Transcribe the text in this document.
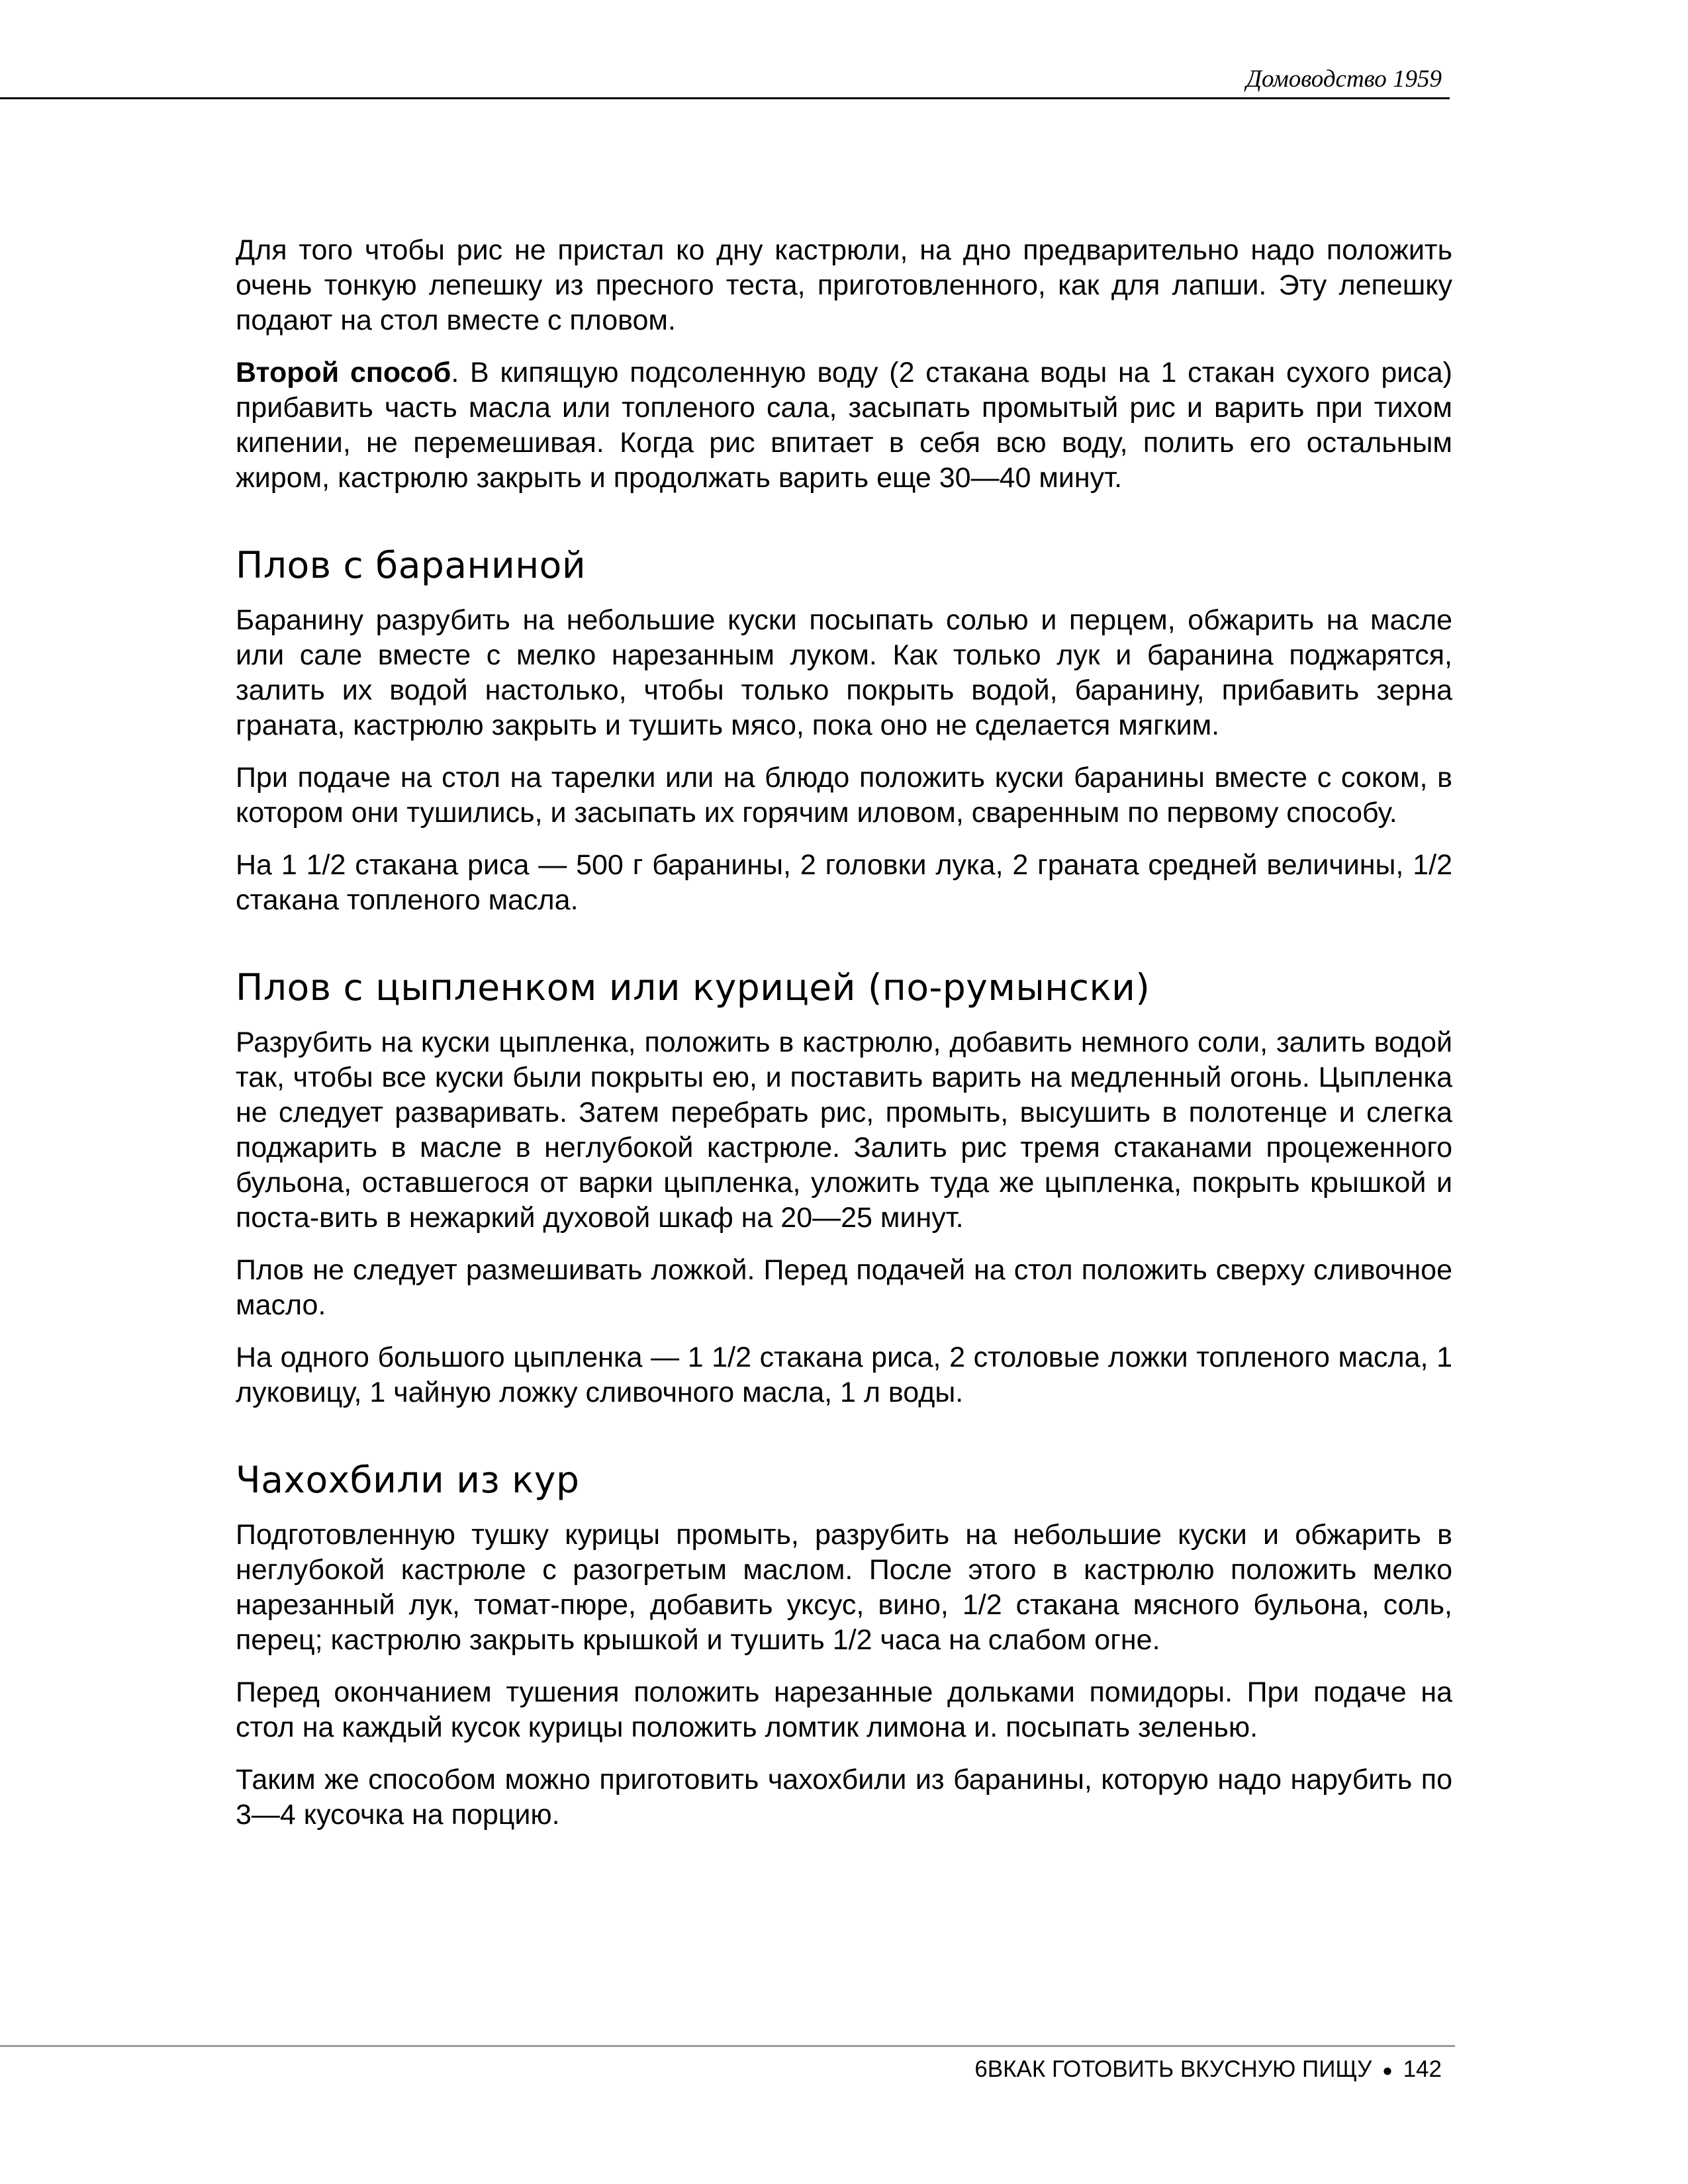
Домоводство 1959

Для того чтобы рис не пристал ко дну кастрюли, на дно предварительно надо положить очень тонкую лепешку из пресного теста, приготовленного, как для лапши. Эту лепешку подают на стол вместе с пловом.

Второй способ. В кипящую подсоленную воду (2 стакана воды на 1 стакан сухого риса) прибавить часть масла или топленого сала, засыпать промытый рис и варить при тихом кипении, не перемешивая. Когда рис впитает в себя всю воду, полить его остальным жиром, кастрюлю закрыть и продолжать варить еще 30—40 минут.

Плов с бараниной

Баранину разрубить на небольшие куски посыпать солью и перцем, обжарить на масле или сале вместе с мелко нарезанным луком. Как только лук и баранина поджарятся, залить их водой настолько, чтобы только покрыть водой, баранину, прибавить зерна граната, кастрюлю закрыть и тушить мясо, пока оно не сделается мягким.

При подаче на стол на тарелки или на блюдо положить куски баранины вместе с соком, в котором они тушились, и засыпать их горячим иловом, сваренным по первому способу.

На 1 1/2 стакана риса — 500 г баранины, 2 головки лука, 2 граната средней величины, 1/2 стакана топленого масла.

Плов с цыпленком или курицей (по-румынски)

Разрубить на куски цыпленка, положить в кастрюлю, добавить немного соли, залить водой так, чтобы все куски были покрыты ею, и поставить варить на медленный огонь. Цыпленка не следует разваривать. Затем перебрать рис, промыть, высушить в полотенце и слегка поджарить в масле в неглубокой кастрюле. Залить рис тремя стаканами процеженного бульона, оставшегося от варки цыпленка, уложить туда же цыпленка, покрыть крышкой и поста-вить в нежаркий духовой шкаф на 20—25 минут.

Плов не следует размешивать ложкой. Перед подачей на стол положить сверху сливочное масло.

На одного большого цыпленка — 1 1/2 стакана риса, 2 столовые ложки топленого масла, 1 луковицу, 1 чайную ложку сливочного масла, 1 л воды.

Чахохбили из кур

Подготовленную тушку курицы промыть, разрубить на небольшие куски и обжарить в неглубокой кастрюле с разогретым маслом. После этого в кастрюлю положить мелко нарезанный лук, томат-пюре, добавить уксус, вино, 1/2 стакана мясного бульона, соль, перец; кастрюлю закрыть крышкой и тушить 1/2 часа на слабом огне.

Перед окончанием тушения положить нарезанные дольками помидоры. При подаче на стол на каждый кусок курицы положить ломтик лимона и. посыпать зеленью.

Таким же способом можно приготовить чахохбили из баранины, которую надо нарубить по 3—4 кусочка на порцию.

6ВКАК ГОТОВИТЬ ВКУСНУЮ ПИЩУ ● 142
